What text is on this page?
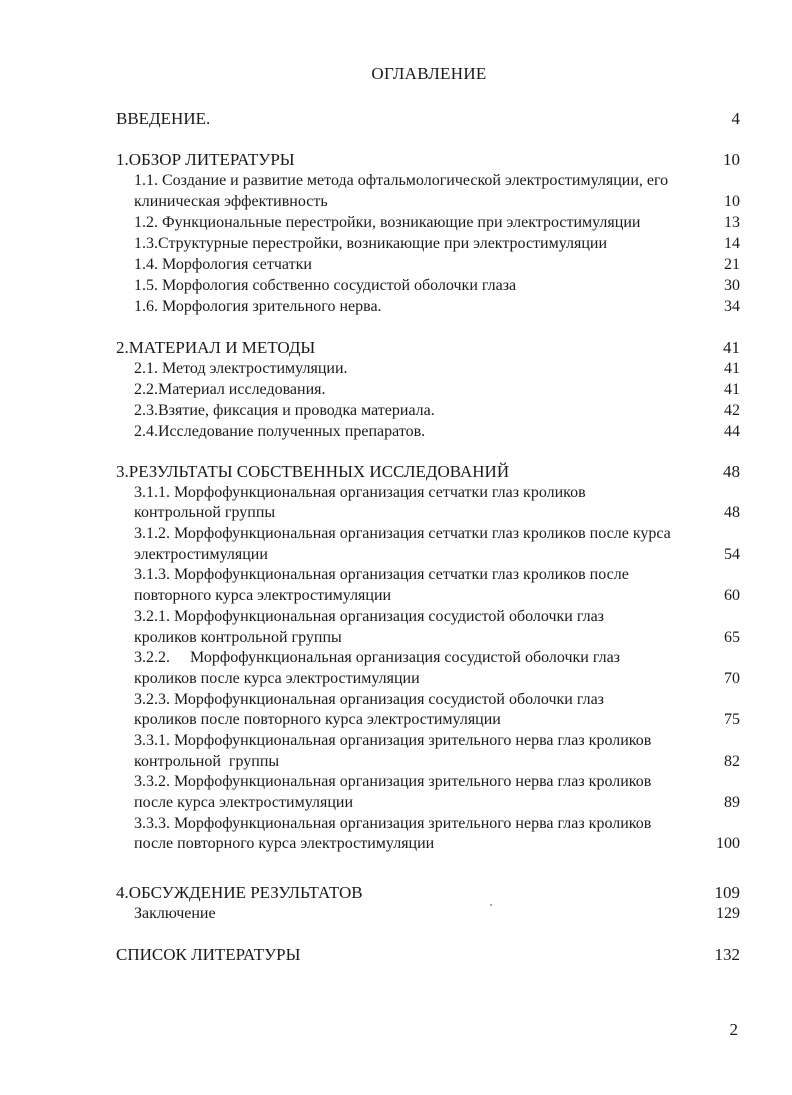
ОГЛАВЛЕНИЕ
ВВЕДЕНИЕ.	4
1.ОБЗОР ЛИТЕРАТУРЫ	10
1.1. Создание и развитие метода офтальмологической электростимуляции, его
клиническая эффективность	10
1.2. Функциональные перестройки, возникающие при электростимуляции	13
1.3.Структурные перестройки, возникающие при электростимуляции	14
1.4. Морфология сетчатки	21
1.5. Морфология собственно сосудистой оболочки глаза	30
1.6. Морфология зрительного нерва.	34
2.МАТЕРИАЛ И МЕТОДЫ	41
2.1. Метод электростимуляции.	41
2.2.Материал исследования.	41
2.3.Взятие, фиксация и проводка материала.	42
2.4.Исследование полученных препаратов.	44
3.РЕЗУЛЬТАТЫ СОБСТВЕННЫХ ИССЛЕДОВАНИЙ	48
3.1.1. Морфофункциональная организация сетчатки глаз кроликов
контрольной группы	48
3.1.2. Морфофункциональная организация сетчатки глаз кроликов после курса
электростимуляции	54
3.1.3. Морфофункциональная организация сетчатки глаз кроликов после
повторного курса электростимуляции	60
3.2.1. Морфофункциональная организация сосудистой оболочки глаз
кроликов контрольной группы	65
3.2.2.     Морфофункциональная организация сосудистой оболочки глаз
кроликов после курса электростимуляции	70
3.2.3. Морфофункциональная организация сосудистой оболочки глаз
кроликов после повторного курса электростимуляции	75
3.3.1. Морфофункциональная организация зрительного нерва глаз кроликов
контрольной  группы	82
3.3.2. Морфофункциональная организация зрительного нерва глаз кроликов
после курса электростимуляции	89
3.3.3. Морфофункциональная организация зрительного нерва глаз кроликов
после повторного курса электростимуляции	100
4.ОБСУЖДЕНИЕ РЕЗУЛЬТАТОВ	109
Заключение	129
СПИСОК ЛИТЕРАТУРЫ	132
2
